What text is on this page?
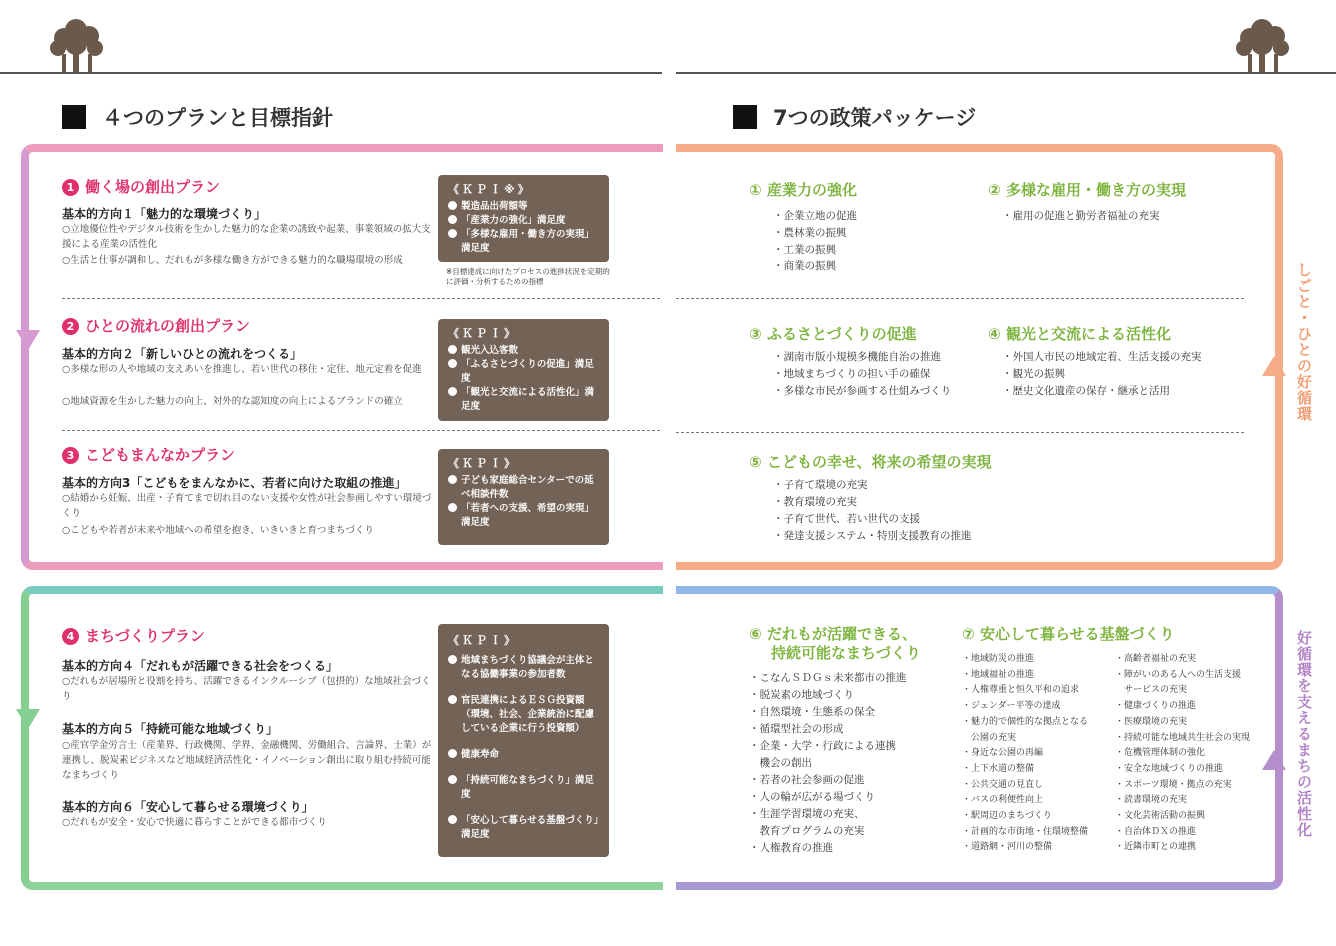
４つのプランと目標指針	7つの政策パッケージ
しごと・ひとの好循環
好循環を支えるまちの活性化
1 働く場の創出プラン
基本的方向１「魅力的な環境づくり」
○立地優位性やデジタル技術を生かした魅力的な企業の誘致や起業、事業領域の拡大支援による産業の活性化
○生活と仕事が調和し、だれもが多様な働き方ができる魅力的な職場環境の形成
《ＫＰＩ※》
製造品出荷額等
「産業力の強化」満足度
「多様な雇用・働き方の実現」満足度
※目標達成に向けたプロセスの進捗状況を定期的に評価・分析するための指標
2 ひとの流れの創出プラン
基本的方向２「新しいひとの流れをつくる」
○多様な形の人や地域の支えあいを推進し、若い世代の移住・定住、地元定着を促進
○地域資源を生かした魅力の向上、対外的な認知度の向上によるブランドの確立
《ＫＰＩ》
観光入込客数
「ふるさとづくりの促進」満足度
「観光と交流による活性化」満足度
3 こどもまんなかプラン
基本的方向3「こどもをまんなかに、若者に向けた取組の推進」
○結婚から妊娠、出産・子育てまで切れ目のない支援や女性が社会参画しやすい環境づくり
○こどもや若者が未来や地域への希望を抱き、いきいきと育つまちづくり
《ＫＰＩ》
子ども家庭総合センターでの延べ相談件数
「若者への支援、希望の実現」満足度
4 まちづくりプラン
基本的方向４「だれもが活躍できる社会をつくる」
○だれもが居場所と役割を持ち、活躍できるインクルーシブ（包摂的）な地域社会づくり
基本的方向５「持続可能な地域づくり」
○産官学金労言士（産業界、行政機関、学界、金融機関、労働組合、言論界、士業）が連携し、脱炭素ビジネスなど地域経済活性化・イノベーション創出に取り組む持続可能なまちづくり
基本的方向６「安心して暮らせる環境づくり」
○だれもが安全・安心で快適に暮らすことができる都市づくり
《ＫＰＩ》
地域まちづくり協議会が主体となる協働事業の参加者数
官民連携によるＥＳＧ投資額（環境、社会、企業統治に配慮している企業に行う投資額）
健康寿命
「持続可能なまちづくり」満足度
「安心して暮らせる基盤づくり」満足度
① 産業力の強化
・企業立地の促進
・農林業の振興
・工業の振興
・商業の振興
② 多様な雇用・働き方の実現
・雇用の促進と勤労者福祉の充実
③ ふるさとづくりの促進
・湖南市版小規模多機能自治の推進
・地域まちづくりの担い手の確保
・多様な市民が参画する仕組みづくり
④ 観光と交流による活性化
・外国人市民の地域定着、生活支援の充実
・観光の振興
・歴史文化遺産の保存・継承と活用
⑤ こどもの幸せ、将来の希望の実現
・子育て環境の充実
・教育環境の充実
・子育て世代、若い世代の支援
・発達支援システム・特別支援教育の推進
⑥ だれもが活躍できる、
持続可能なまちづくり
・こなんＳＤＧｓ未来都市の推進
・脱炭素の地域づくり
・自然環境・生態系の保全
・循環型社会の形成
・企業・大学・行政による連携
　機会の創出
・若者の社会参画の促進
・人の輪が広がる場づくり
・生涯学習環境の充実、
　教育プログラムの充実
・人権教育の推進
⑦ 安心して暮らせる基盤づくり
・地域防災の推進
・地域福祉の推進
・人権尊重と恒久平和の追求
・ジェンダー平等の達成
・魅力的で個性的な拠点となる
　公園の充実
・身近な公園の再編
・上下水道の整備
・公共交通の見直し
・バスの利便性向上
・駅周辺のまちづくり
・計画的な市街地・住環境整備
・道路網・河川の整備
・高齢者福祉の充実
・障がいのある人への生活支援
　サービスの充実
・健康づくりの推進
・医療環境の充実
・持続可能な地域共生社会の実現
・危機管理体制の強化
・安全な地域づくりの推進
・スポーツ環境・拠点の充実
・読書環境の充実
・文化芸術活動の振興
・自治体ＤＸの推進
・近隣市町との連携
